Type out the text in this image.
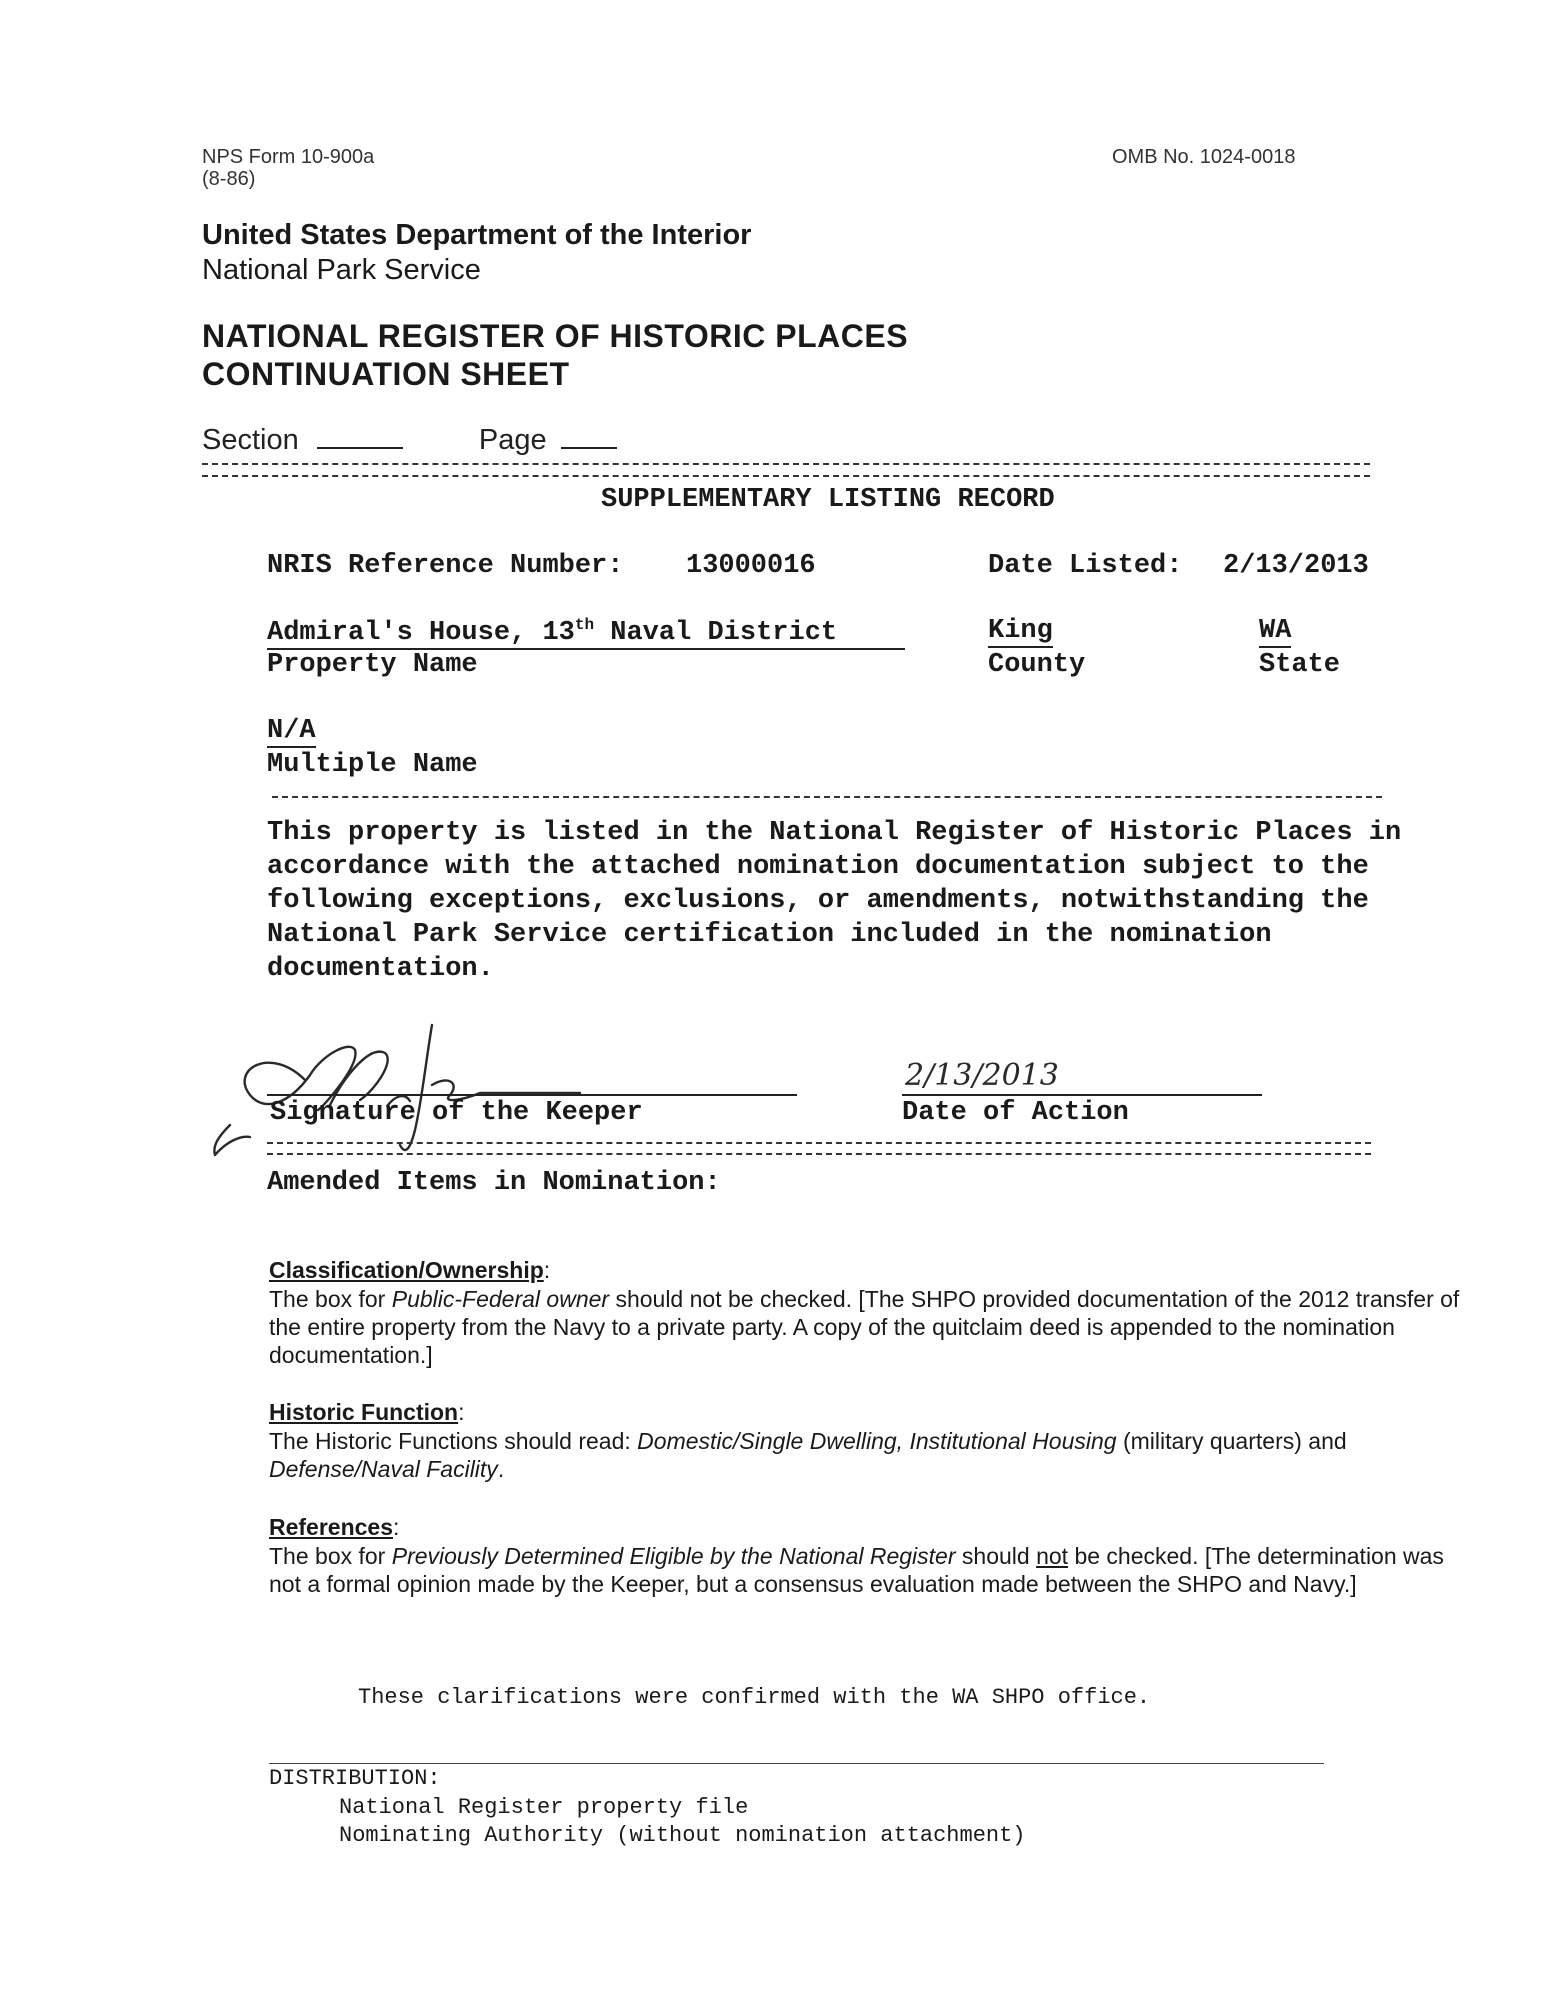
NPS Form 10-900a
(8-86)
OMB No. 1024-0018
United States Department of the Interior
National Park Service
NATIONAL REGISTER OF HISTORIC PLACES
CONTINUATION SHEET
Section	Page
SUPPLEMENTARY LISTING RECORD
NRIS Reference Number: 13000016	Date Listed: 2/13/2013
Admiral's House, 13th Naval District
Property Name
King
County
WA
State
N/A
Multiple Name
This property is listed in the National Register of Historic Places in accordance with the attached nomination documentation subject to the following exceptions, exclusions, or amendments, notwithstanding the National Park Service certification included in the nomination documentation.
Signature of the Keeper
2/13/2013
Date of Action
Amended Items in Nomination:
Classification/Ownership:
The box for Public-Federal owner should not be checked. [The SHPO provided documentation of the 2012 transfer of the entire property from the Navy to a private party. A copy of the quitclaim deed is appended to the nomination documentation.]
Historic Function:
The Historic Functions should read: Domestic/Single Dwelling, Institutional Housing (military quarters) and Defense/Naval Facility.
References:
The box for Previously Determined Eligible by the National Register should not be checked. [The determination was not a formal opinion made by the Keeper, but a consensus evaluation made between the SHPO and Navy.]
These clarifications were confirmed with the WA SHPO office.
DISTRIBUTION:
National Register property file
Nominating Authority (without nomination attachment)
